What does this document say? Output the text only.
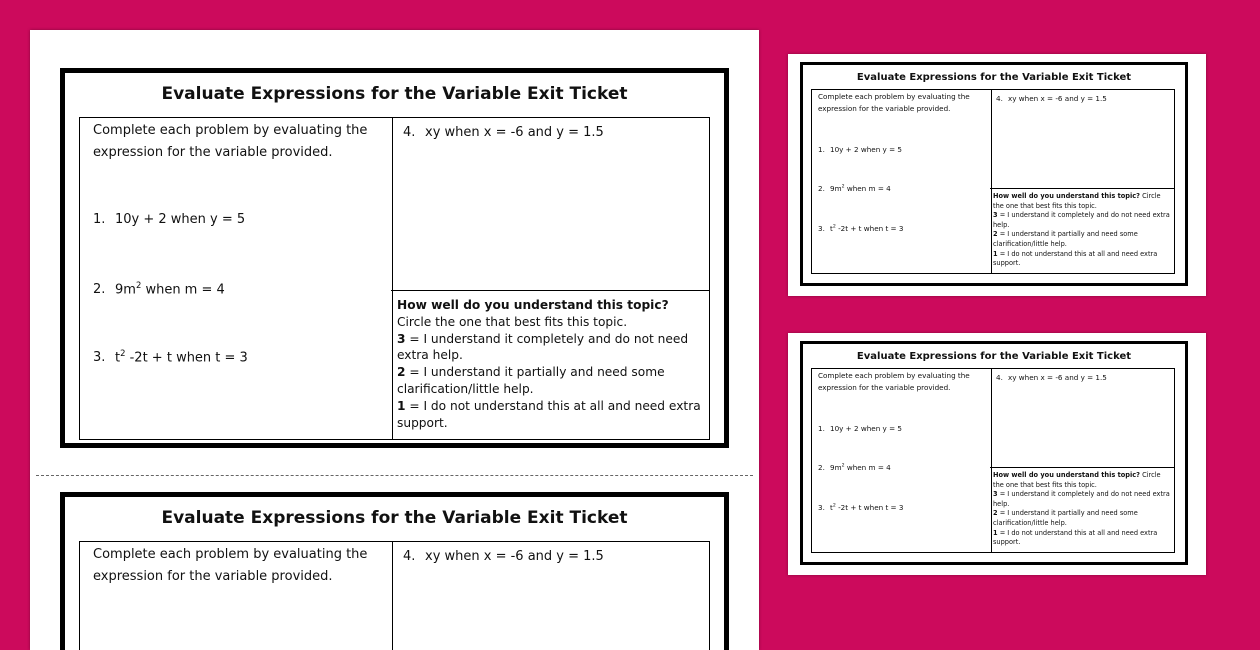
Evaluate Expressions for the Variable Exit Ticket
Complete each problem by evaluating the
expression for the variable provided.
1. 10y + 2 when y = 5
2. $9m^2$ when m = 4
3. $t^2$ -2t + t when t = 3
4. xy when x = -6 and y = 1.5

How well do you understand this topic? Circle the one that best fits this topic.

3 = I understand it completely and do not need extra help.

2 = I understand it partially and need some clarification/little help.

1 = I do not understand this at all and need extra support.

Evaluate Expressions for the Variable Exit Ticket
Complete each problem by evaluating the
expression for the variable provided.
4. xy when x = -6 and y = 1.5
Evaluate Expressions for the Variable Exit Ticket
Complete each problem by evaluating the
expression for the variable provided.
1. 10y + 2 when y = 5
2. $9m^2$ when m = 4
3. $t^2$ -2t + t when t = 3
4. xy when x = -6 and y = 1.5

How well do you understand this topic? Circle the one that best fits this topic.

3 = I understand it completely and do not need extra help.

2 = I understand it partially and need some clarification/little help.

1 = I do not understand this at all and need extra support.

Evaluate Expressions for the Variable Exit Ticket
Complete each problem by evaluating the
expression for the variable provided.
1. 10y + 2 when y = 5
2. $9m^2$ when m = 4
3. $t^2$ -2t + t when t = 3
4. xy when x = -6 and y = 1.5

How well do you understand this topic? Circle the one that best fits this topic.

3 = I understand it completely and do not need extra help.

2 = I understand it partially and need some clarification/little help.

1 = I do not understand this at all and need extra support.
